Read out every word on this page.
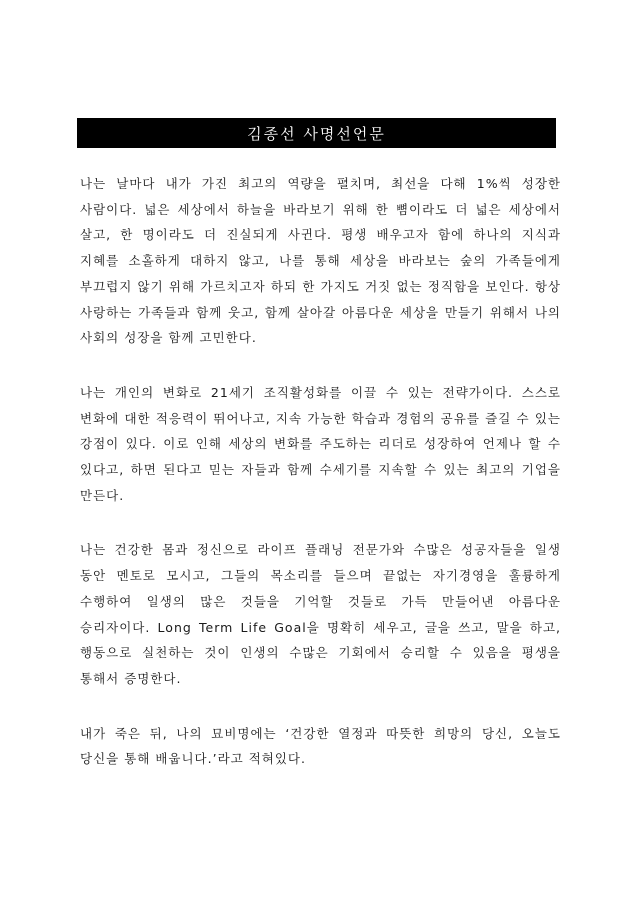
김종선 사명선언문

나는 날마다 내가 가진 최고의 역량을 펼치며, 최선을 다해 1%씩 성장한 사람이다. 넓은 세상에서 하늘을 바라보기 위해 한 뼘이라도 더 넓은 세상에서 살고, 한 명이라도 더 진실되게 사귄다. 평생 배우고자 함에 하나의 지식과 지혜를 소홀하게 대하지 않고, 나를 통해 세상을 바라보는 숲의 가족들에게 부끄럽지 않기 위해 가르치고자 하되 한 가지도 거짓 없는 정직함을 보인다. 항상 사랑하는 가족들과 함께 웃고, 함께 살아갈 아름다운 세상을 만들기 위해서 나의 사회의 성장을 함께 고민한다.

나는 개인의 변화로 21세기 조직활성화를 이끌 수 있는 전략가이다. 스스로 변화에 대한 적응력이 뛰어나고, 지속 가능한 학습과 경험의 공유를 즐길 수 있는 강점이 있다. 이로 인해 세상의 변화를 주도하는 리더로 성장하여 언제나 할 수 있다고, 하면 된다고 믿는 자들과 함께 수세기를 지속할 수 있는 최고의 기업을 만든다.

나는 건강한 몸과 정신으로 라이프 플래닝 전문가와 수많은 성공자들을 일생 동안 멘토로 모시고, 그들의 목소리를 들으며 끝없는 자기경영을 훌륭하게 수행하여 일생의 많은 것들을 기억할 것들로 가득 만들어낸 아름다운 승리자이다. Long Term Life Goal을 명확히 세우고, 글을 쓰고, 말을 하고, 행동으로 실천하는 것이 인생의 수많은 기회에서 승리할 수 있음을 평생을 통해서 증명한다.

내가 죽은 뒤, 나의 묘비명에는 ‘건강한 열정과 따뜻한 희망의 당신, 오늘도 당신을 통해 배웁니다.’라고 적혀있다.
